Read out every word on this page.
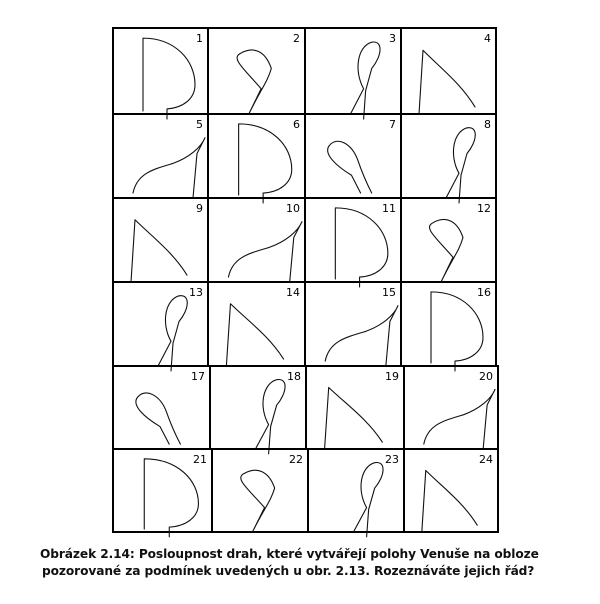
1	2	3	4
5	6	7	8
9	10	11	12
13	14	15	16
17	18	19	20
21	22	23	24
Obrázek 2.14: Posloupnost drah, které vytvářejí polohy Venuše na obloze
pozorované za podmínek uvedených u obr. 2.13. Rozeznáváte jejich řád?
